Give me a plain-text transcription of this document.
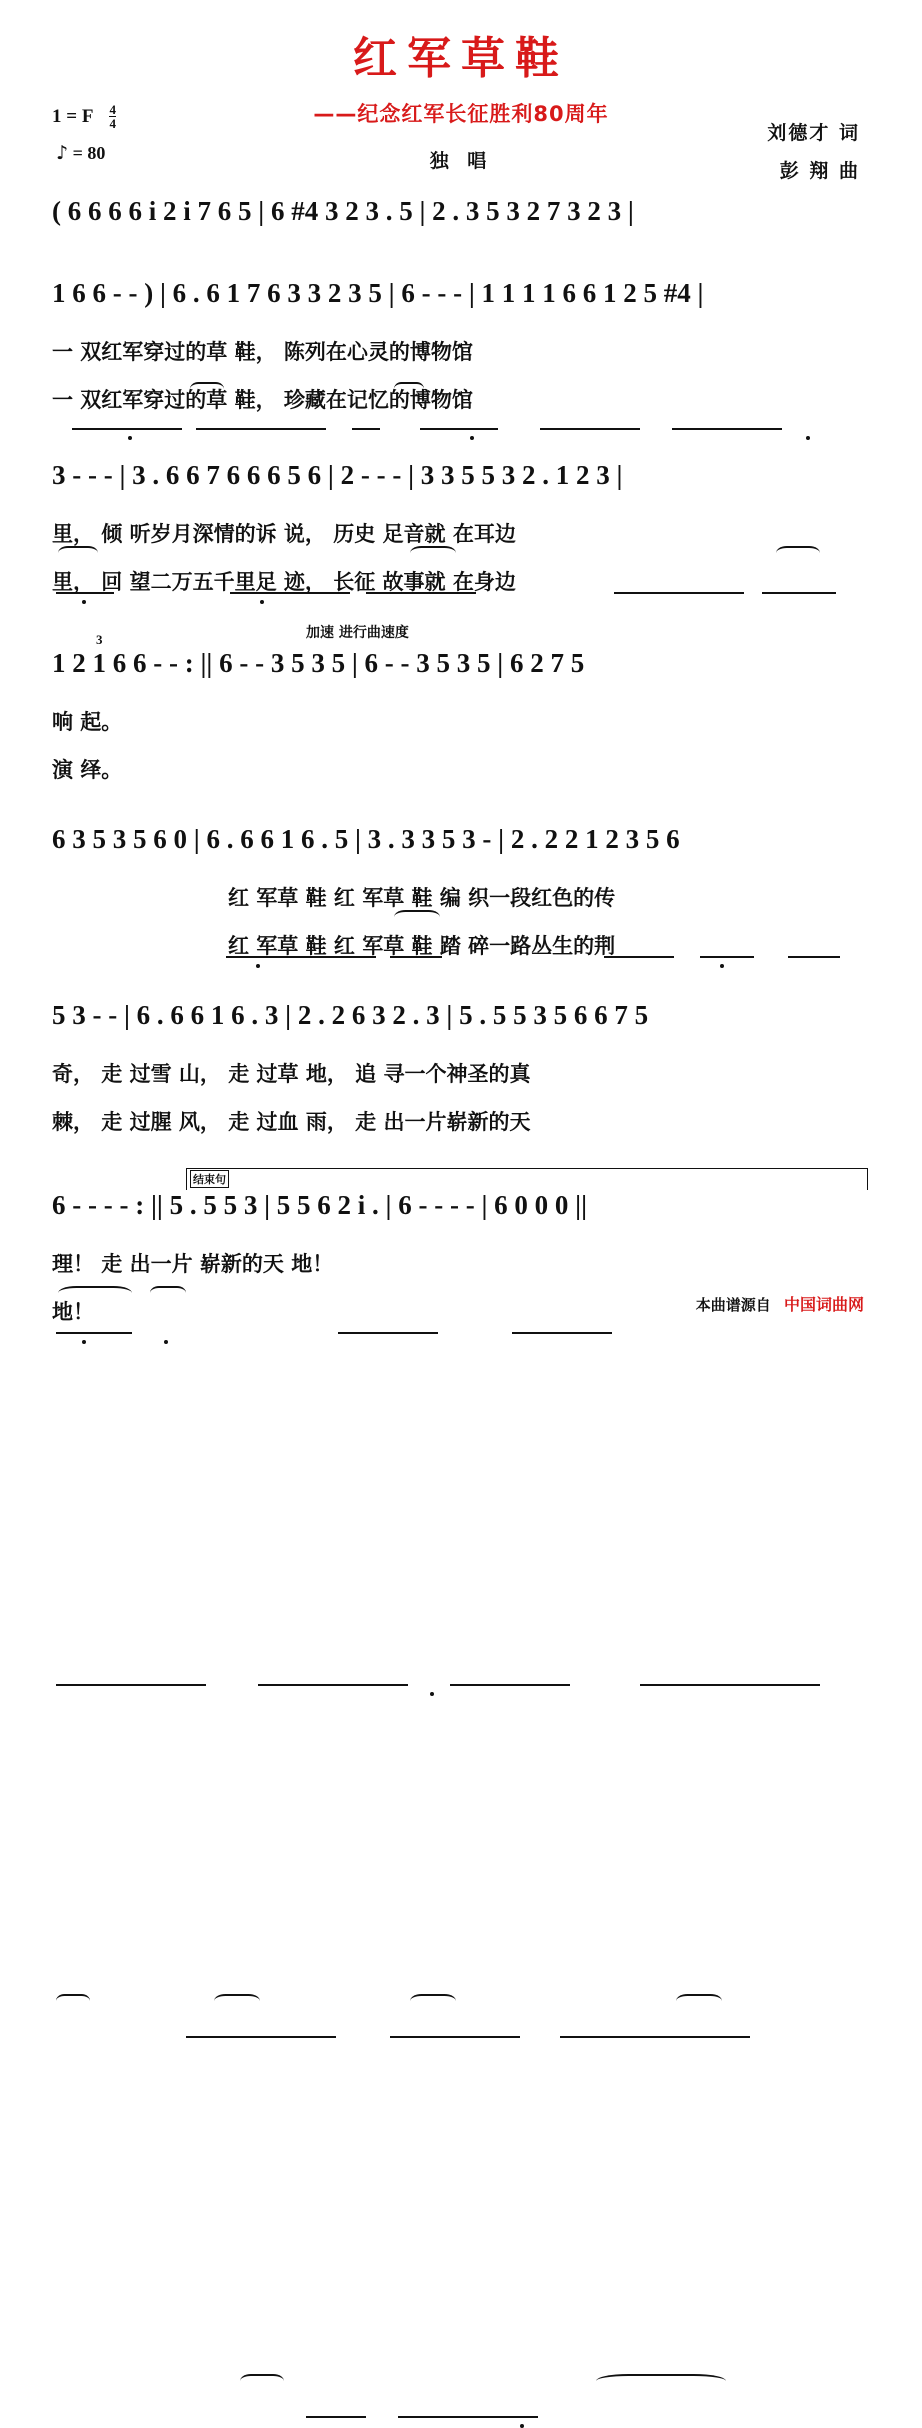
红军草鞋
——纪念红军长征胜利80周年
1 = F $\frac{4}{4}$
♪ = 80	独 唱
刘德才 词
彭 翔 曲
( 6 6 6 6 i 2 i 7 6 5 | 6 #4 3 2 3 . 5 | 2 . 3 5 3 2 7 3 2 3 |
1 6 6 - - ) | 6 . 6 1 7 6 3 3 2 3 5 | 6 - - - | 1 1 1 1 6 6 1 2 5 #4 |
一 双红军穿过的草 鞋， 陈列在心灵的博物馆
一 双红军穿过的草 鞋， 珍藏在记忆的博物馆
3 - - - | 3 . 6 6 7 6 6 6 5 6 | 2 - - - | 3 3 5 5 3 2 . 1 2 3 |
里， 倾 听岁月深情的诉 说， 历史 足音就 在耳边
里， 回 望二万五千里足 迹， 长征 故事就 在身边
加速 进行曲速度
3
1 2 1 6 6 - - : || 6 - - 3 5 3 5 | 6 - - 3 5 3 5 | 6 2 7 5
响 起。
演 绎。
6 3 5 3 5 6 0 | 6 . 6 6 1 6 . 5 | 3 . 3 3 5 3 - | 2 . 2 2 1 2 3 5 6
红 军草 鞋 红 军草 鞋 编 织一段红色的传
红 军草 鞋 红 军草 鞋 踏 碎一路丛生的荆
5 3 - - | 6 . 6 6 1 6 . 3 | 2 . 2 6 3 2 . 3 | 5 . 5 5 3 5 6 6 7 5
奇， 走 过雪 山， 走 过草 地， 追 寻一个神圣的真
棘， 走 过腥 风， 走 过血 雨， 走 出一片崭新的天
结束句
6 - - - - : || 5 . 5 5 3 | 5 5 6 2 i . | 6 - - - - | 6 0 0 0 ||
理！ 走 出一片 崭新的天 地！
地！	本曲谱源自 中国词曲网
